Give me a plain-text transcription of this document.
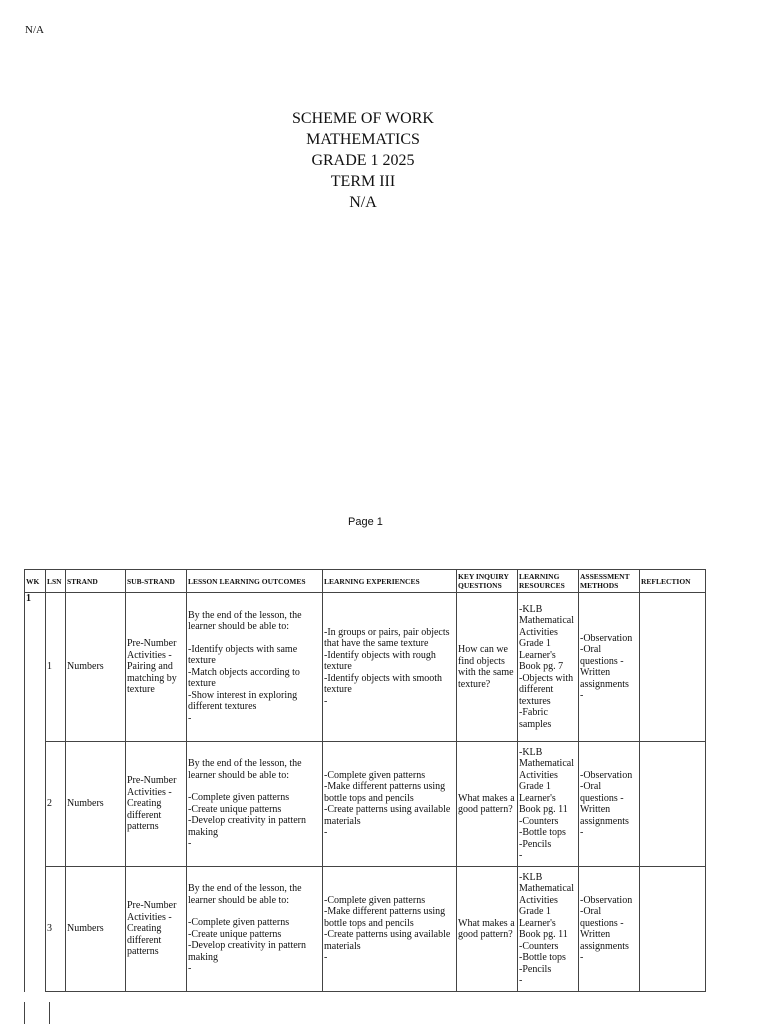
N/A
SCHEME OF WORK
MATHEMATICS
GRADE 1 2025
TERM III
N/A
Page 1
WK	LSN	STRAND	SUB-STRAND	LESSON LEARNING OUTCOMES	LEARNING EXPERIENCES	KEY INQUIRY QUESTIONS	LEARNING RESOURCES	ASSESSMENT METHODS	REFLECTION
1	1	Numbers	Pre-Number Activities - Pairing and matching by texture	By the end of the lesson, the learner should be able to:
-Identify objects with same texture
-Match objects according to texture
-Show interest in exploring different textures
-	-In groups or pairs, pair objects that have the same texture
-Identify objects with rough texture
-Identify objects with smooth texture
-	How can we find objects with the same texture?	-KLB Mathematical Activities Grade 1 Learner's Book pg. 7
-Objects with different textures
-Fabric samples	-Observation
-Oral questions -Written assignments
-	

	2	Numbers	Pre-Number Activities - Creating different patterns	By the end of the lesson, the learner should be able to:
-Complete given patterns
-Create unique patterns
-Develop creativity in pattern making
-	-Complete given patterns
-Make different patterns using bottle tops and pencils
-Create patterns using available materials
-	What makes a good pattern?	-KLB Mathematical Activities Grade 1 Learner's Book pg. 11
-Counters
-Bottle tops
-Pencils
-	-Observation
-Oral questions -Written assignments
-	

	3	Numbers	Pre-Number Activities - Creating different patterns	By the end of the lesson, the learner should be able to:
-Complete given patterns
-Create unique patterns
-Develop creativity in pattern making
-	-Complete given patterns
-Make different patterns using bottle tops and pencils
-Create patterns using available materials
-	What makes a good pattern?	-KLB Mathematical Activities Grade 1 Learner's Book pg. 11
-Counters
-Bottle tops
-Pencils
-	-Observation
-Oral questions -Written assignments
-	
